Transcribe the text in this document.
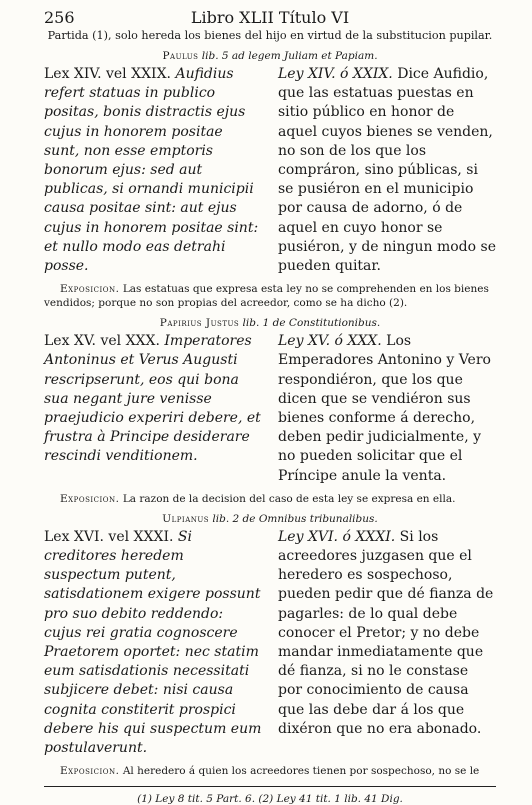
256	Libro XLII Título VI
Partida (1), solo hereda los bienes del hijo en virtud de la substitucion pupilar.
Paulus lib. 5 ad legem Juliam et Papiam.
Lex XIV. vel XXIX. Aufidius refert statuas in publico positas, bonis distractis ejus cujus in honorem positae sunt, non esse emptoris bonorum ejus: sed aut publicas, si ornandi municipii causa positae sint: aut ejus cujus in honorem positae sint: et nullo modo eas detrahi posse.
Ley XIV. ó XXIX. Dice Aufidio, que las estatuas puestas en sitio público en honor de aquel cuyos bienes se venden, no son de los que los compráron, sino públicas, si se pusiéron en el municipio por causa de adorno, ó de aquel en cuyo honor se pusiéron, y de ningun modo se pueden quitar.
Exposicion. Las estatuas que expresa esta ley no se comprehenden en los bienes vendidos; porque no son propias del acreedor, como se ha dicho (2).
Papirius Justus lib. 1 de Constitutionibus.
Lex XV. vel XXX. Imperatores Antoninus et Verus Augusti rescripserunt, eos qui bona sua negant jure venisse praejudicio experiri debere, et frustra à Principe desiderare rescindi venditionem.
Ley XV. ó XXX. Los Emperadores Antonino y Vero respondiéron, que los que dicen que se vendiéron sus bienes conforme á derecho, deben pedir judicialmente, y no pueden solicitar que el Príncipe anule la venta.
Exposicion. La razon de la decision del caso de esta ley se expresa en ella.
Ulpianus lib. 2 de Omnibus tribunalibus.
Lex XVI. vel XXXI. Si creditores heredem suspectum putent, satisdationem exigere possunt pro suo debito reddendo: cujus rei gratia cognoscere Praetorem oportet: nec statim eum satisdationis necessitati subjicere debet: nisi causa cognita constiterit prospici debere his qui suspectum eum postulaverunt.
Ley XVI. ó XXXI. Si los acreedores juzgasen que el heredero es sospechoso, pueden pedir que dé fianza de pagarles: de lo qual debe conocer el Pretor; y no debe mandar inmediatamente que dé fianza, si no le constase por conocimiento de causa que las debe dar á los que dixéron que no era abonado.
Exposicion. Al heredero á quien los acreedores tienen por sospechoso, no se le
(1) Ley 8 tit. 5 Part. 6. (2) Ley 41 tit. 1 lib. 41 Dig.
